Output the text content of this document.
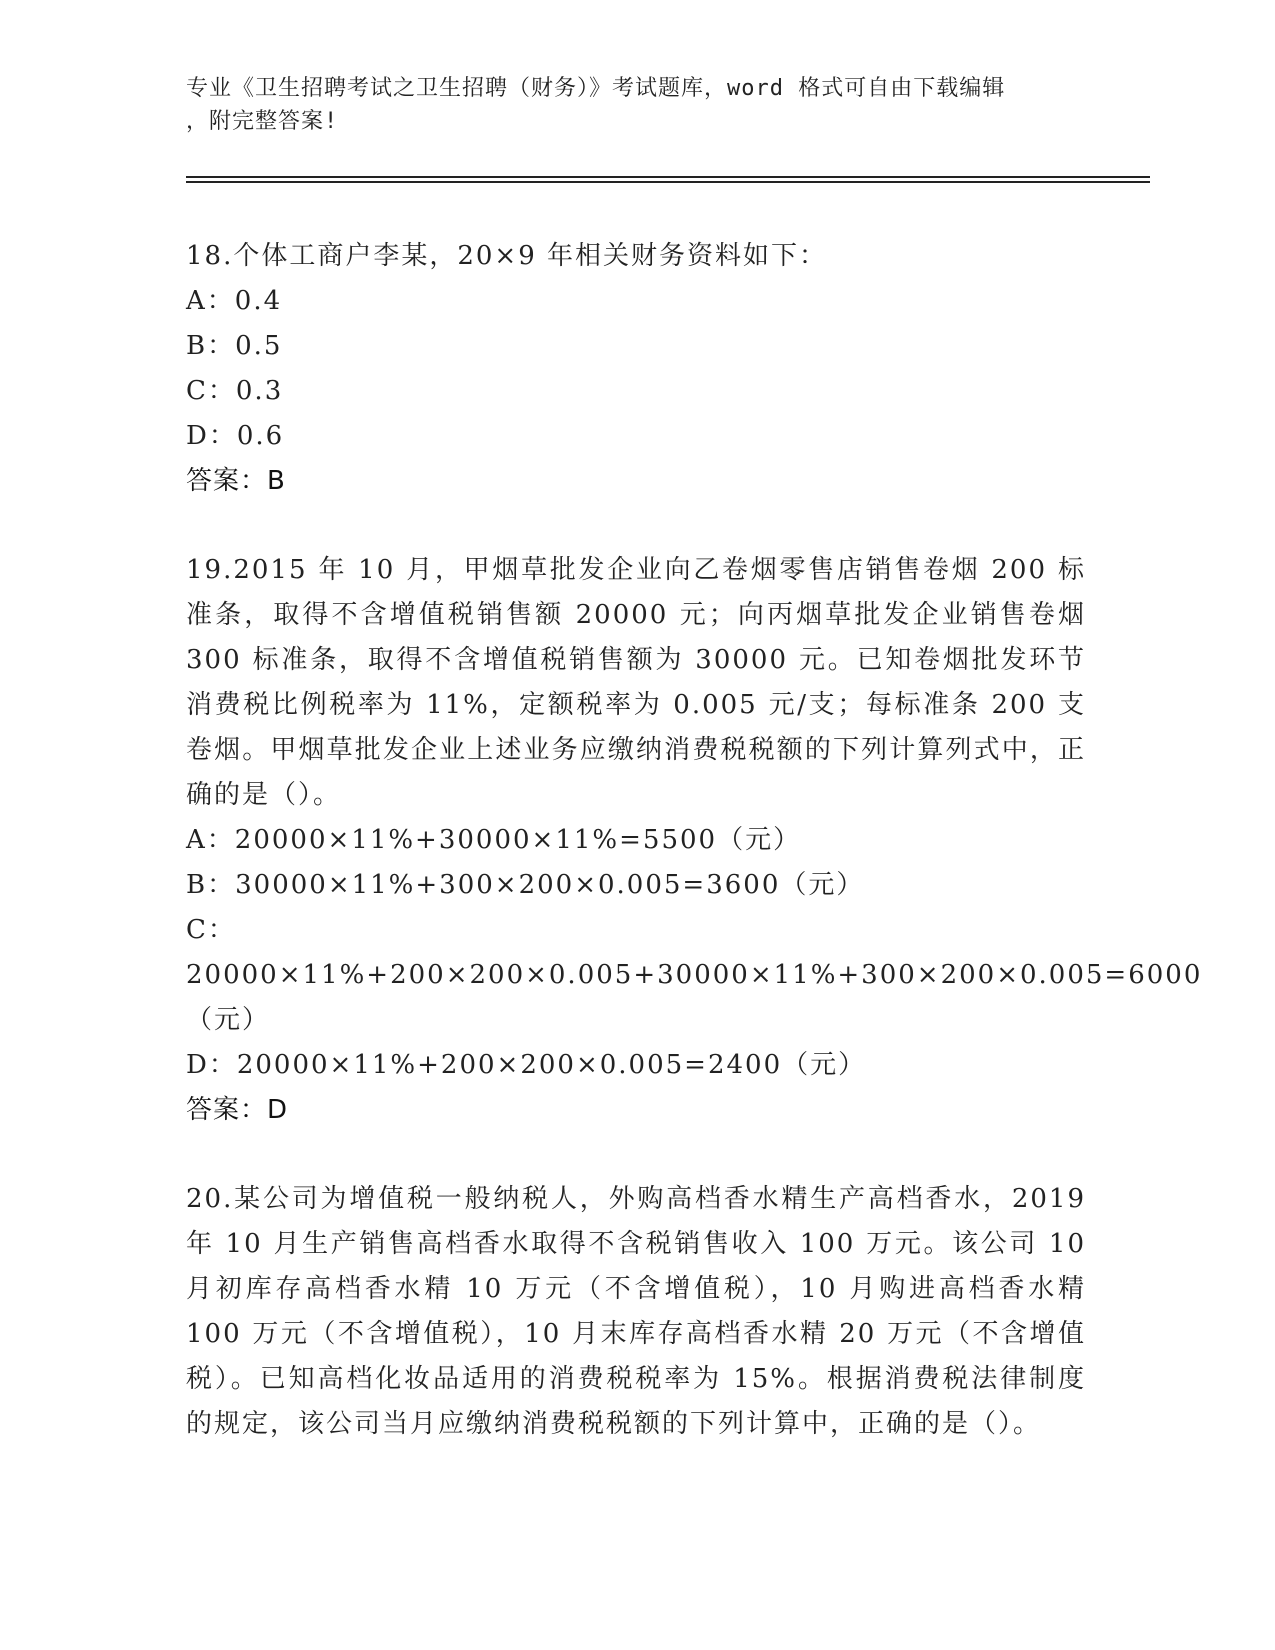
专业《卫生招聘考试之卫生招聘（财务）》考试题库，word 格式可自由下载编辑
，附完整答案!

18.个体工商户李某，20×9 年相关财务资料如下：

A：0.4

B：0.5

C：0.3

D：0.6

答案：B

19.2015 年 10 月，甲烟草批发企业向乙卷烟零售店销售卷烟 200 标准条，取得不含增值税销售额 20000 元；向丙烟草批发企业销售卷烟 300 标准条，取得不含增值税销售额为 30000 元。已知卷烟批发环节消费税比例税率为 11%，定额税率为 0.005 元/支；每标准条 200 支卷烟。甲烟草批发企业上述业务应缴纳消费税税额的下列计算列式中，正确的是（）。

A：20000×11%+30000×11%=5500（元）

B：30000×11%+300×200×0.005=3600（元）

C：20000×11%+200×200×0.005+30000×11%+300×200×0.005=6000（元）

D：20000×11%+200×200×0.005=2400（元）

答案：D

20.某公司为增值税一般纳税人，外购高档香水精生产高档香水，2019 年 10 月生产销售高档香水取得不含税销售收入 100 万元。该公司 10 月初库存高档香水精 10 万元（不含增值税），10 月购进高档香水精 100 万元（不含增值税），10 月末库存高档香水精 20 万元（不含增值税）。已知高档化妆品适用的消费税税率为 15%。根据消费税法律制度的规定，该公司当月应缴纳消费税税额的下列计算中，正确的是（）。
